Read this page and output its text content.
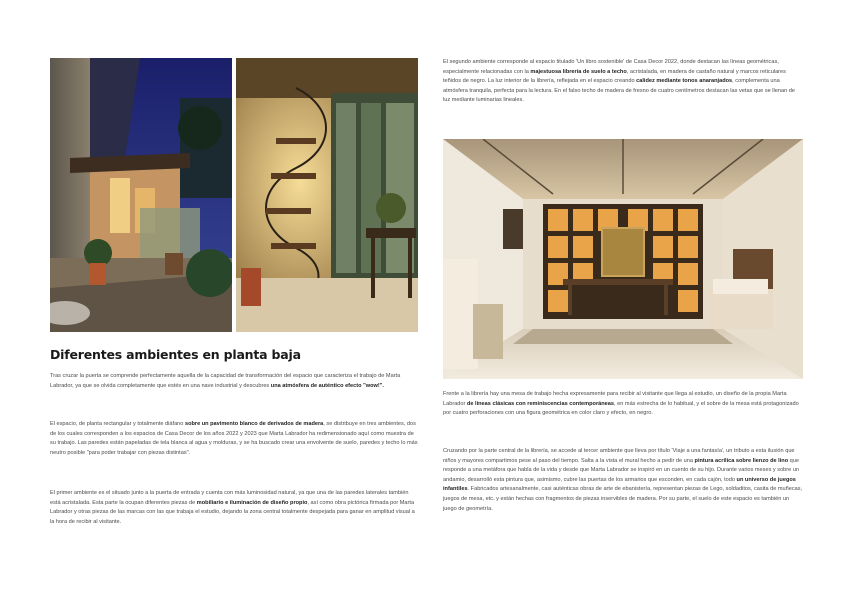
Diferentes ambientes en planta baja

Tras cruzar la puerta se comprende perfectamente aquella de la capacidad de transformación del espacio que caracteriza el trabajo de Marta Labrador, ya que se olvida completamente que estés en una nave industrial y descubres una atmósfera de auténtico efecto "wow!".

El espacio, de planta rectangular y totalmente diáfano sobre un pavimento blanco de derivados de madera, se distribuye en tres ambientes, dos de los cuales corresponden a los espacios de Casa Decor de los años 2022 y 2023 que Marta Labrador ha redimensionado aquí como muestra de su trabajo. Las paredes están papeladas de tela blanca al agua y molduras, y se ha buscado crear una envolvente de suelo, paredes y techo lo más neutro posible "para poder trabajar con piezas distintas".

El primer ambiente es el situado junto a la puerta de entrada y cuenta con más luminosidad natural, ya que una de las paredes laterales también está acristalada. Esta parte la ocupan diferentes piezas de mobiliario e iluminación de diseño propio, así como obra pictórica firmada por Marta Labrador y otras piezas de las marcas con las que trabaja el estudio, dejando la zona central totalmente despejada para ganar en amplitud visual a la hora de recibir al visitante.

El segundo ambiente corresponde al espacio titulado 'Un libro sostenible' de Casa Decor 2022, donde destacan las líneas geométricas, especialmente relacionadas con la majestuosa librería de suelo a techo, acristalada, en madera de castaño natural y marcos reticulares teñidos de negro. La luz interior de la librería, reflejada en el espacio creando calidez mediante tonos anaranjados, complementa una atmósfera tranquila, perfecta para la lectura. En el falso techo de madera de fresno de cuatro centímetros destacan las vetas que se llenan de luz mediante luminarias lineales.

Frente a la librería hay una mesa de trabajo hecha expresamente para recibir al visitante que llega al estudio, un diseño de la propia Marta Labrador de líneas clásicas con reminiscencias contemporáneas, en más estrecha de lo habitual, y el sobre de la mesa está protagonizado por cuatro perforaciones con una figura geométrica en color claro y efecto, en negro.

Cruzando por la parte central de la librería, se accede al tercer ambiente que lleva por título 'Viaje a una fantasía', un tributo a esta ilusión que niños y mayores compartimos pese al paso del tiempo. Salta a la vista el mural hecho a pedir de una pintura acrílica sobre lienzo de lino que responde a una metáfora que habla de la vida y desde que Marta Labrador se inspiró en un cuento de su hijo. Durante varios meses y sobre un andamio, desarrolló esta pintura que, asimismo, cubre las puertas de los armarios que esconden, en cada cajón, todo un universo de juegos infantiles. Fabricados artesanalmente, casi auténticas obras de arte de ebanistería, representan piezas de Lego, soldaditos, casita de muñecas, juegos de mesa, etc. y están hechas con fragmentos de piezas inservibles de madera. Por su parte, el suelo de este espacio es también un juego de geometría.
